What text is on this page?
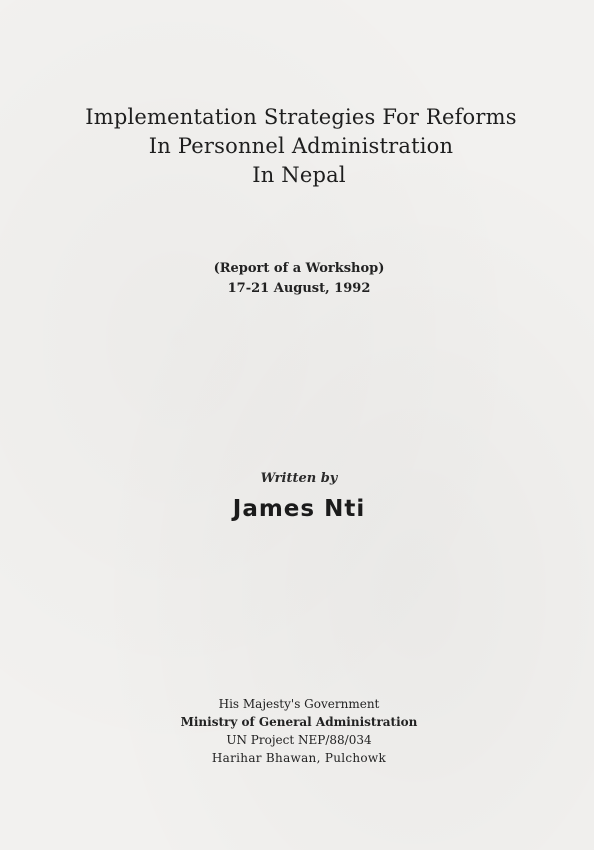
Implementation Strategies For Reforms
In Personnel Administration
In Nepal
(Report of a Workshop)
17-21 August, 1992
Written by
James Nti
His Majesty's Government
Ministry of General Administration
UN Project NEP/88/034
Harihar Bhawan, Pulchowk
